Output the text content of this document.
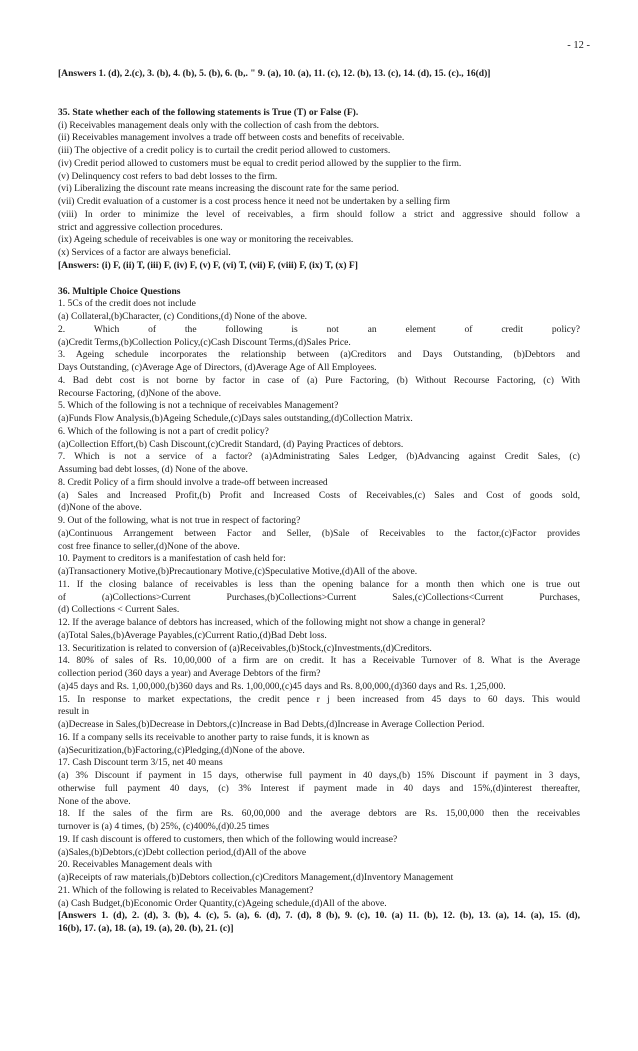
- 12 -
[Answers 1. (d), 2.(c), 3. (b), 4. (b), 5. (b), 6. (b,. " 9. (a), 10. (a), 11. (c), 12. (b), 13. (c), 14. (d), 15. (c)., 16(d)]
35. State whether each of the following statements is True (T) or False (F).
(i) Receivables management deals only with the collection of cash from the debtors.
(ii) Receivables management involves a trade off between costs and benefits of receivable.
(iii) The objective of a credit policy is to curtail the credit period allowed to customers.
(iv) Credit period allowed to customers must be equal to credit period allowed by the supplier to the firm.
(v) Delinquency cost refers to bad debt losses to the firm.
(vi) Liberalizing the discount rate means increasing the discount rate for the same period.
(vii) Credit evaluation of a customer is a cost process hence it need not be undertaken by a selling firm
(viii) In order to minimize the level of receivables, a firm should follow a strict and aggressive should follow a
strict and aggressive collection procedures.
(ix) Ageing schedule of receivables is one way or monitoring the receivables.
(x) Services of a factor are always beneficial.
[Answers: (i) F, (ii) T, (iii) F, (iv) F, (v) F, (vi) T, (vii) F, (viii) F, (ix) T, (x) F]
36. Multiple Choice Questions
1. 5Cs of the credit does not include
(a) Collateral,(b)Character, (c) Conditions,(d) None of the above.
2. Which of the following is not an element of credit policy?
(a)Credit Terms,(b)Collection Policy,(c)Cash Discount Terms,(d)Sales Price.
3. Ageing schedule incorporates the relationship between (a)Creditors and Days Outstanding, (b)Debtors and
Days Outstanding, (c)Average Age of Directors, (d)Average Age of All Employees.
4. Bad debt cost is not borne by factor in case of (a) Pure Factoring, (b) Without Recourse Factoring, (c) With
Recourse Factoring, (d)None of the above.
5. Which of the following is not a technique of receivables Management?
(a)Funds Flow Analysis,(b)Ageing Schedule,(c)Days sales outstanding,(d)Collection Matrix.
6. Which of the following is not a part of credit policy?
(a)Collection Effort,(b) Cash Discount,(c)Credit Standard, (d) Paying Practices of debtors.
7. Which is not a service of a factor? (a)Administrating Sales Ledger, (b)Advancing against Credit Sales, (c)
Assuming bad debt losses, (d) None of the above.
8. Credit Policy of a firm should involve a trade-off between increased
(a) Sales and Increased Profit,(b) Profit and Increased Costs of Receivables,(c) Sales and Cost of goods sold,
(d)None of the above.
9. Out of the following, what is not true in respect of factoring?
(a)Continuous Arrangement between Factor and Seller, (b)Sale of Receivables to the factor,(c)Factor provides
cost free finance to seller,(d)None of the above.
10. Payment to creditors is a manifestation of cash held for:
(a)Transactionery Motive,(b)Precautionary Motive,(c)Speculative Motive,(d)All of the above.
11. If the closing balance of receivables is less than the opening balance for a month then which one is true out
of (a)Collections>Current Purchases,(b)Collections>Current Sales,(c)Collections<Current Purchases,
(d) Collections < Current Sales.
12. If the average balance of debtors has increased, which of the following might not show a change in general?
(a)Total Sales,(b)Average Payables,(c)Current Ratio,(d)Bad Debt loss.
13. Securitization is related to conversion of (a)Receivables,(b)Stock,(c)Investments,(d)Creditors.
14. 80% of sales of Rs. 10,00,000 of a firm are on credit. It has a Receivable Turnover of 8. What is the Average
collection period (360 days a year) and Average Debtors of the firm?
(a)45 days and Rs. 1,00,000,(b)360 days and Rs. 1,00,000,(c)45 days and Rs. 8,00,000,(d)360 days and Rs. 1,25,000.
15. In response to market expectations, the credit pence r j been increased from 45 days to 60 days. This would
result in
(a)Decrease in Sales,(b)Decrease in Debtors,(c)Increase in Bad Debts,(d)Increase in Average Collection Period.
16. If a company sells its receivable to another party to raise funds, it is known as
(a)Securitization,(b)Factoring,(c)Pledging,(d)None of the above.
17. Cash Discount term 3/15, net 40 means
(a) 3% Discount if payment in 15 days, otherwise full payment in 40 days,(b) 15% Discount if payment in 3 days,
otherwise full payment 40 days, (c) 3% Interest if payment made in 40 days and 15%,(d)interest thereafter,
None of the above.
18. If the sales of the firm are Rs. 60,00,000 and the average debtors are Rs. 15,00,000 then the receivables
turnover is (a) 4 times, (b) 25%, (c)400%,(d)0.25 times
19. If cash discount is offered to customers, then which of the following would increase?
(a)Sales,(b)Debtors,(c)Debt collection period,(d)All of the above
20. Receivables Management deals with
(a)Receipts of raw materials,(b)Debtors collection,(c)Creditors Management,(d)Inventory Management
21. Which of the following is related to Receivables Management?
(a) Cash Budget,(b)Economic Order Quantity,(c)Ageing schedule,(d)All of the above.
[Answers 1. (d), 2. (d), 3. (b), 4. (c), 5. (a), 6. (d), 7. (d), 8 (b), 9. (c), 10. (a) 11. (b), 12. (b), 13. (a), 14. (a), 15. (d),
16(b), 17. (a), 18. (a), 19. (a), 20. (b), 21. (c)]
